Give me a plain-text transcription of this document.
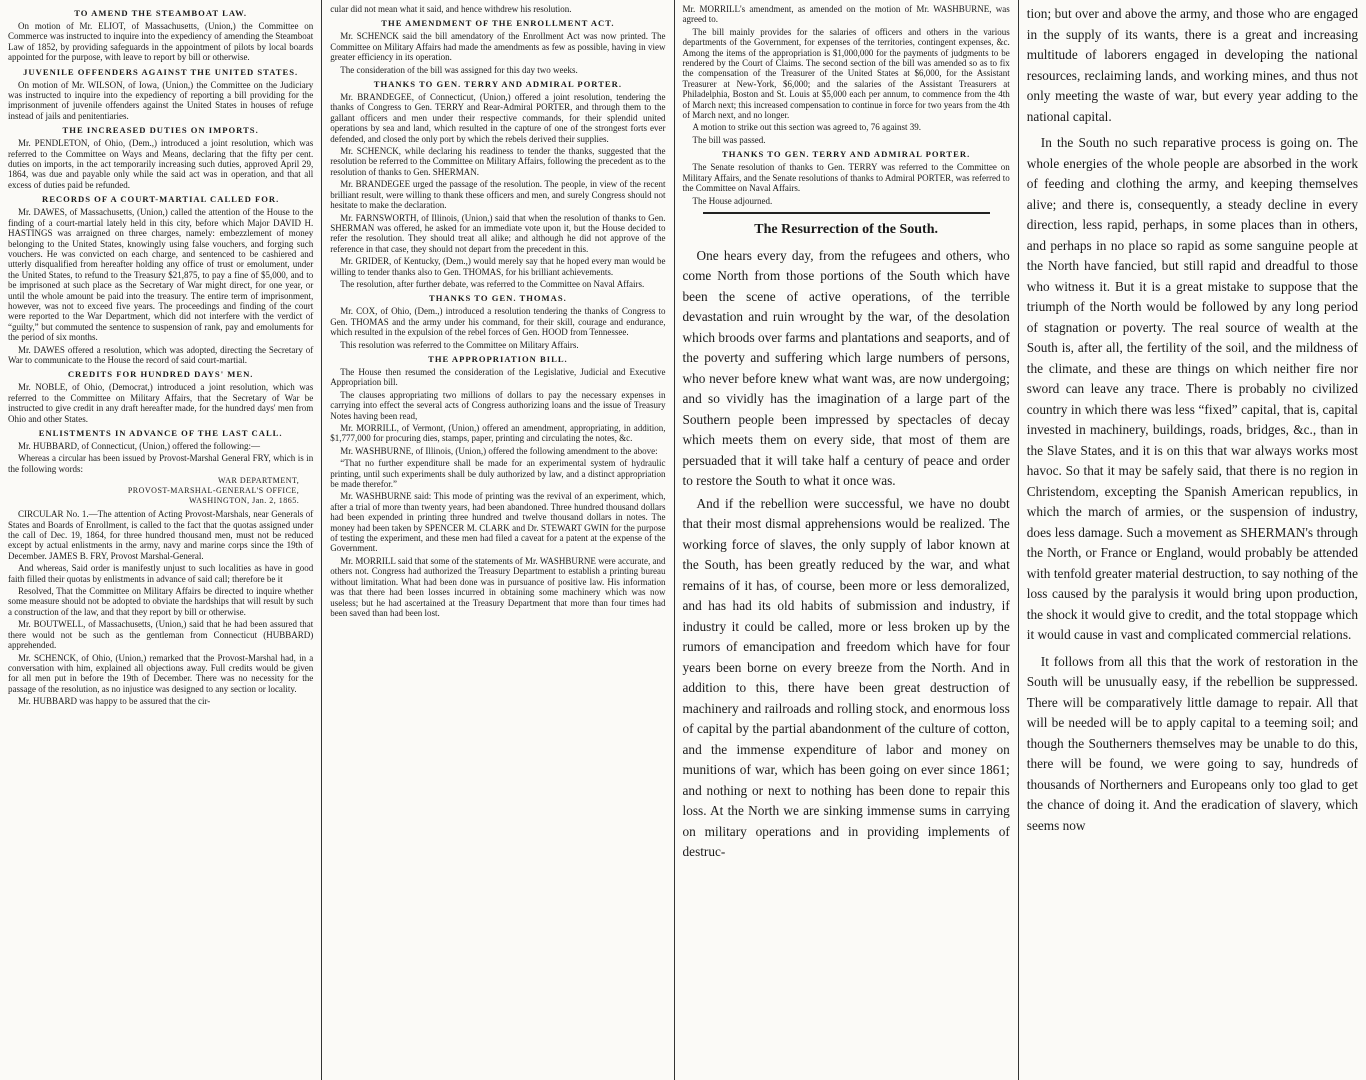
TO AMEND THE STEAMBOAT LAW.

On motion of Mr. ELIOT, of Massachusetts, (Union,) the Committee on Commerce was instructed to inquire into the expediency of amending the Steamboat Law of 1852, by providing safeguards in the appointment of pilots by local boards appointed for the purpose, with leave to report by bill or otherwise.

JUVENILE OFFENDERS AGAINST THE UNITED STATES.

On motion of Mr. WILSON, of Iowa, (Union,) the Committee on the Judiciary was instructed to inquire into the expediency of reporting a bill providing for the imprisonment of juvenile offenders against the United States in houses of refuge instead of jails and penitentiaries.

THE INCREASED DUTIES ON IMPORTS.

Mr. PENDLETON, of Ohio, (Dem.,) introduced a joint resolution, which was referred to the Committee on Ways and Means, declaring that the fifty per cent. duties on imports, in the act temporarily increasing such duties, approved April 29, 1864, was due and payable only while the said act was in operation, and that all excess of duties paid be refunded.

RECORDS OF A COURT-MARTIAL CALLED FOR.

Mr. DAWES, of Massachusetts, (Union,) called the attention of the House to the finding of a court-martial lately held in this city, before which Major DAVID H. HASTINGS was arraigned on three charges, namely: embezzlement of money belonging to the United States, knowingly using false vouchers, and forging such vouchers. He was convicted on each charge, and sentenced to be cashiered and utterly disqualified from hereafter holding any office of trust or emolument, under the United States, to refund to the Treasury $21,875, to pay a fine of $5,000, and to be imprisoned at such place as the Secretary of War might direct, for one year, or until the whole amount be paid into the treasury. The entire term of imprisonment, however, was not to exceed five years. The proceedings and finding of the court were reported to the War Department, which did not interfere with the verdict of “guilty,” but commuted the sentence to suspension of rank, pay and emoluments for the period of six months.

Mr. DAWES offered a resolution, which was adopted, directing the Secretary of War to communicate to the House the record of said court-martial.

CREDITS FOR HUNDRED DAYS' MEN.

Mr. NOBLE, of Ohio, (Democrat,) introduced a joint resolution, which was referred to the Committee on Military Affairs, that the Secretary of War be instructed to give credit in any draft hereafter made, for the hundred days' men from Ohio and other States.

ENLISTMENTS IN ADVANCE OF THE LAST CALL.

Mr. HUBBARD, of Connecticut, (Union,) offered the following:—

Whereas a circular has been issued by Provost-Marshal General FRY, which is in the following words:

WAR DEPARTMENT,
PROVOST-MARSHAL-GENERAL'S OFFICE,
WASHINGTON, Jan. 2, 1865.

CIRCULAR No. 1.—The attention of Acting Provost-Marshals, near Generals of States and Boards of Enrollment, is called to the fact that the quotas assigned under the call of Dec. 19, 1864, for three hundred thousand men, must not be reduced except by actual enlistments in the army, navy and marine corps since the 19th of December. JAMES B. FRY, Provost Marshal-General.

And whereas, Said order is manifestly unjust to such localities as have in good faith filled their quotas by enlistments in advance of said call; therefore be it

Resolved, That the Committee on Military Affairs be directed to inquire whether some measure should not be adopted to obviate the hardships that will result by such a construction of the law, and that they report by bill or otherwise.

Mr. BOUTWELL, of Massachusetts, (Union,) said that he had been assured that there would not be such as the gentleman from Connecticut (HUBBARD) apprehended.

Mr. SCHENCK, of Ohio, (Union,) remarked that the Provost-Marshal had, in a conversation with him, explained all objections away. Full credits would be given for all men put in before the 19th of December. There was no necessity for the passage of the resolution, as no injustice was designed to any section or locality.

Mr. HUBBARD was happy to be assured that the cir-

cular did not mean what it said, and hence withdrew his resolution.

THE AMENDMENT OF THE ENROLLMENT ACT.

Mr. SCHENCK said the bill amendatory of the Enrollment Act was now printed. The Committee on Military Affairs had made the amendments as few as possible, having in view greater efficiency in its operation.

The consideration of the bill was assigned for this day two weeks.

THANKS TO GEN. TERRY AND ADMIRAL PORTER.

Mr. BRANDEGEE, of Connecticut, (Union,) offered a joint resolution, tendering the thanks of Congress to Gen. TERRY and Rear-Admiral PORTER, and through them to the gallant officers and men under their respective commands, for their splendid united operations by sea and land, which resulted in the capture of one of the strongest forts ever defended, and closed the only port by which the rebels derived their supplies.

Mr. SCHENCK, while declaring his readiness to tender the thanks, suggested that the resolution be referred to the Committee on Military Affairs, following the precedent as to the resolution of thanks to Gen. SHERMAN.

Mr. BRANDEGEE urged the passage of the resolution. The people, in view of the recent brilliant result, were willing to thank these officers and men, and surely Congress should not hesitate to make the declaration.

Mr. FARNSWORTH, of Illinois, (Union,) said that when the resolution of thanks to Gen. SHERMAN was offered, he asked for an immediate vote upon it, but the House decided to refer the resolution. They should treat all alike; and although he did not approve of the reference in that case, they should not depart from the precedent in this.

Mr. GRIDER, of Kentucky, (Dem.,) would merely say that he hoped every man would be willing to tender thanks also to Gen. THOMAS, for his brilliant achievements.

The resolution, after further debate, was referred to the Committee on Naval Affairs.

THANKS TO GEN. THOMAS.

Mr. COX, of Ohio, (Dem.,) introduced a resolution tendering the thanks of Congress to Gen. THOMAS and the army under his command, for their skill, courage and endurance, which resulted in the expulsion of the rebel forces of Gen. HOOD from Tennessee.

This resolution was referred to the Committee on Military Affairs.

THE APPROPRIATION BILL.

The House then resumed the consideration of the Legislative, Judicial and Executive Appropriation bill.

The clauses appropriating two millions of dollars to pay the necessary expenses in carrying into effect the several acts of Congress authorizing loans and the issue of Treasury Notes having been read,

Mr. MORRILL, of Vermont, (Union,) offered an amendment, appropriating, in addition, $1,777,000 for procuring dies, stamps, paper, printing and circulating the notes, &c.

Mr. WASHBURNE, of Illinois, (Union,) offered the following amendment to the above:

“That no further expenditure shall be made for an experimental system of hydraulic printing, until such experiments shall be duly authorized by law, and a distinct appropriation be made therefor.”

Mr. WASHBURNE said: This mode of printing was the revival of an experiment, which, after a trial of more than twenty years, had been abandoned. Three hundred thousand dollars had been expended in printing three hundred and twelve thousand dollars in notes. The money had been taken by SPENCER M. CLARK and Dr. STEWART GWIN for the purpose of testing the experiment, and these men had filed a caveat for a patent at the expense of the Government.

Mr. MORRILL said that some of the statements of Mr. WASHBURNE were accurate, and others not. Congress had authorized the Treasury Department to establish a printing bureau without limitation. What had been done was in pursuance of positive law. His information was that there had been losses incurred in obtaining some machinery which was now useless; but he had ascertained at the Treasury Department that more than four times had been saved than had been lost.

Mr. MORRILL's amendment, as amended on the motion of Mr. WASHBURNE, was agreed to.

The bill mainly provides for the salaries of officers and others in the various departments of the Government, for expenses of the territories, contingent expenses, &c. Among the items of the appropriation is $1,000,000 for the payments of judgments to be rendered by the Court of Claims. The second section of the bill was amended so as to fix the compensation of the Treasurer of the United States at $6,000, for the Assistant Treasurer at New-York, $6,000; and the salaries of the Assistant Treasurers at Philadelphia, Boston and St. Louis at $5,000 each per annum, to commence from the 4th of March next; this increased compensation to continue in force for two years from the 4th of March next, and no longer.

A motion to strike out this section was agreed to, 76 against 39.

The bill was passed.

THANKS TO GEN. TERRY AND ADMIRAL PORTER.

The Senate resolution of thanks to Gen. TERRY was referred to the Committee on Military Affairs, and the Senate resolutions of thanks to Admiral PORTER, was referred to the Committee on Naval Affairs.

The House adjourned.

The Resurrection of the South.

One hears every day, from the refugees and others, who come North from those portions of the South which have been the scene of active operations, of the terrible devastation and ruin wrought by the war, of the desolation which broods over farms and plantations and seaports, and of the poverty and suffering which large numbers of persons, who never before knew what want was, are now undergoing; and so vividly has the imagination of a large part of the Southern people been impressed by spectacles of decay which meets them on every side, that most of them are persuaded that it will take half a century of peace and order to restore the South to what it once was.

And if the rebellion were successful, we have no doubt that their most dismal apprehensions would be realized. The working force of slaves, the only supply of labor known at the South, has been greatly reduced by the war, and what remains of it has, of course, been more or less demoralized, and has had its old habits of submission and industry, if industry it could be called, more or less broken up by the rumors of emancipation and freedom which have for four years been borne on every breeze from the North. And in addition to this, there have been great destruction of machinery and railroads and rolling stock, and enormous loss of capital by the partial abandonment of the culture of cotton, and the immense expenditure of labor and money on munitions of war, which has been going on ever since 1861; and nothing or next to nothing has been done to repair this loss. At the North we are sinking immense sums in carrying on military operations and in providing implements of destruc-

tion; but over and above the army, and those who are engaged in the supply of its wants, there is a great and increasing multitude of laborers engaged in developing the national resources, reclaiming lands, and working mines, and thus not only meeting the waste of war, but every year adding to the national capital.

In the South no such reparative process is going on. The whole energies of the whole people are absorbed in the work of feeding and clothing the army, and keeping themselves alive; and there is, consequently, a steady decline in every direction, less rapid, perhaps, in some places than in others, and perhaps in no place so rapid as some sanguine people at the North have fancied, but still rapid and dreadful to those who witness it. But it is a great mistake to suppose that the triumph of the North would be followed by any long period of stagnation or poverty. The real source of wealth at the South is, after all, the fertility of the soil, and the mildness of the climate, and these are things on which neither fire nor sword can leave any trace. There is probably no civilized country in which there was less “fixed” capital, that is, capital invested in machinery, buildings, roads, bridges, &c., than in the Slave States, and it is on this that war always works most havoc. So that it may be safely said, that there is no region in Christendom, excepting the Spanish American republics, in which the march of armies, or the suspension of industry, does less damage. Such a movement as SHERMAN's through the North, or France or England, would probably be attended with tenfold greater material destruction, to say nothing of the loss caused by the paralysis it would bring upon production, the shock it would give to credit, and the total stoppage which it would cause in vast and complicated commercial relations.

It follows from all this that the work of restoration in the South will be unusually easy, if the rebellion be suppressed. There will be comparatively little damage to repair. All that will be needed will be to apply capital to a teeming soil; and though the Southerners themselves may be unable to do this, there will be found, we were going to say, hundreds of thousands of Northerners and Europeans only too glad to get the chance of doing it. And the eradication of slavery, which seems now
